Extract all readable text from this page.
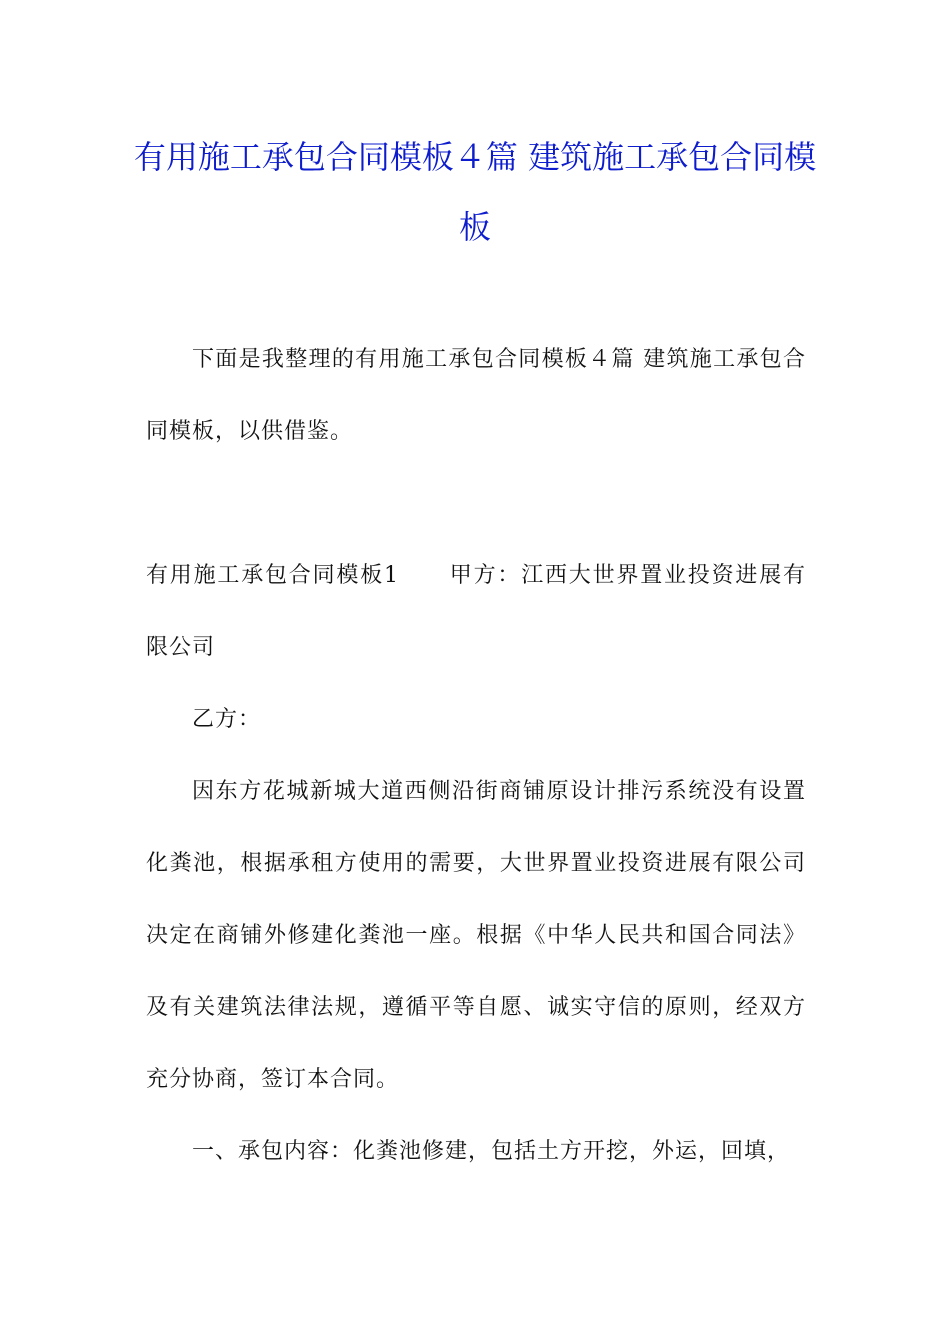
有用施工承包合同模板４篇 建筑施工承包合同模板

下面是我整理的有用施工承包合同模板４篇 建筑施工承包合同模板，以供借鉴。

有用施工承包合同模板1 甲方：江西大世界置业投资进展有限公司

乙方：

因东方花城新城大道西侧沿街商铺原设计排污系统没有设置化粪池，根据承租方使用的需要，大世界置业投资进展有限公司决定在商铺外修建化粪池一座。根据《中华人民共和国合同法》及有关建筑法律法规，遵循平等自愿、诚实守信的原则，经双方充分协商，签订本合同。

一、承包内容：化粪池修建，包括土方开挖，外运，回填，
